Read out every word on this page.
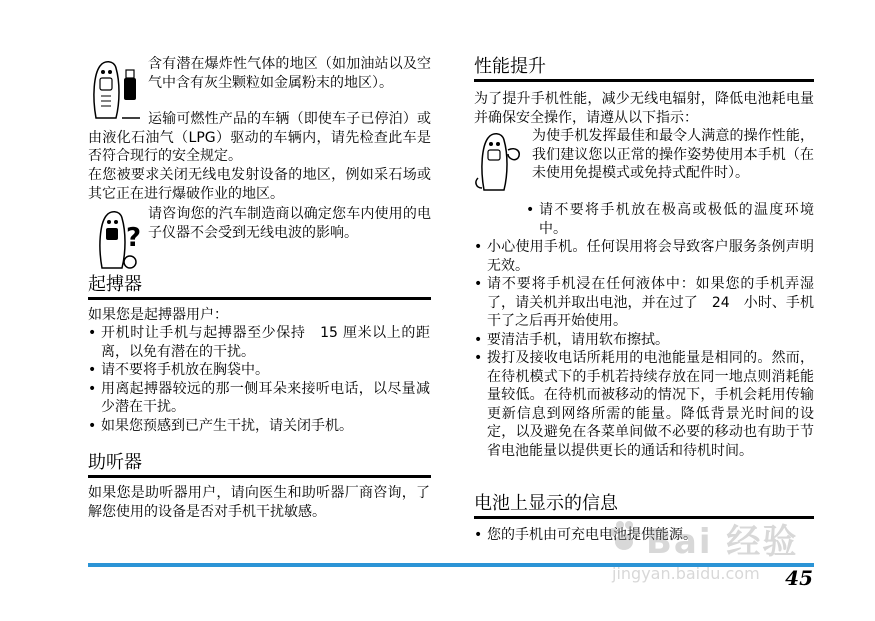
含有潜在爆炸性气体的地区（如加油站以及空气中含有灰尘颗粒如金属粉末的地区）。
运输可燃性产品的车辆（即使车子已停泊）或由液化石油气（LPG）驱动的车辆内，请先检查此车是否符合现行的安全规定。
在您被要求关闭无线电发射设备的地区，例如采石场或其它正在进行爆破作业的地区。
?
请咨询您的汽车制造商以确定您车内使用的电子仪器不会受到无线电波的影响。
起搏器
如果您是起搏器用户：
• 开机时让手机与起搏器至少保持　15 厘米以上的距离，以免有潜在的干扰。
• 请不要将手机放在胸袋中。
• 用离起搏器较远的那一侧耳朵来接听电话，以尽量减少潜在干扰。
• 如果您预感到已产生干扰，请关闭手机。
助听器
如果您是助听器用户，请向医生和助听器厂商咨询，了解您使用的设备是否对手机干扰敏感。
性能提升
为了提升手机性能，减少无线电辐射，降低电池耗电量并确保安全操作，请遵从以下指示：
为使手机发挥最佳和最令人满意的操作性能，我们建议您以正常的操作姿势使用本手机（在未使用免提模式或免持式配件时）。
• 请不要将手机放在极高或极低的温度环境中。
• 小心使用手机。任何误用将会导致客户服务条例声明无效。
• 请不要将手机浸在任何液体中：如果您的手机弄湿了，请关机并取出电池，并在过了　24　小时、手机干了之后再开始使用。
• 要清洁手机，请用软布擦拭。
• 拨打及接收电话所耗用的电池能量是相同的。然而，在待机模式下的手机若持续存放在同一地点则消耗能量较低。在待机而被移动的情况下，手机会耗用传输更新信息到网络所需的能量。降低背景光时间的设定，以及避免在各菜单间做不必要的移动也有助于节省电池能量以提供更长的通话和待机时间。
电池上显示的信息
• 您的手机由可充电电池提供能源。
45
Bai 经验
jingyan.baidu.com
